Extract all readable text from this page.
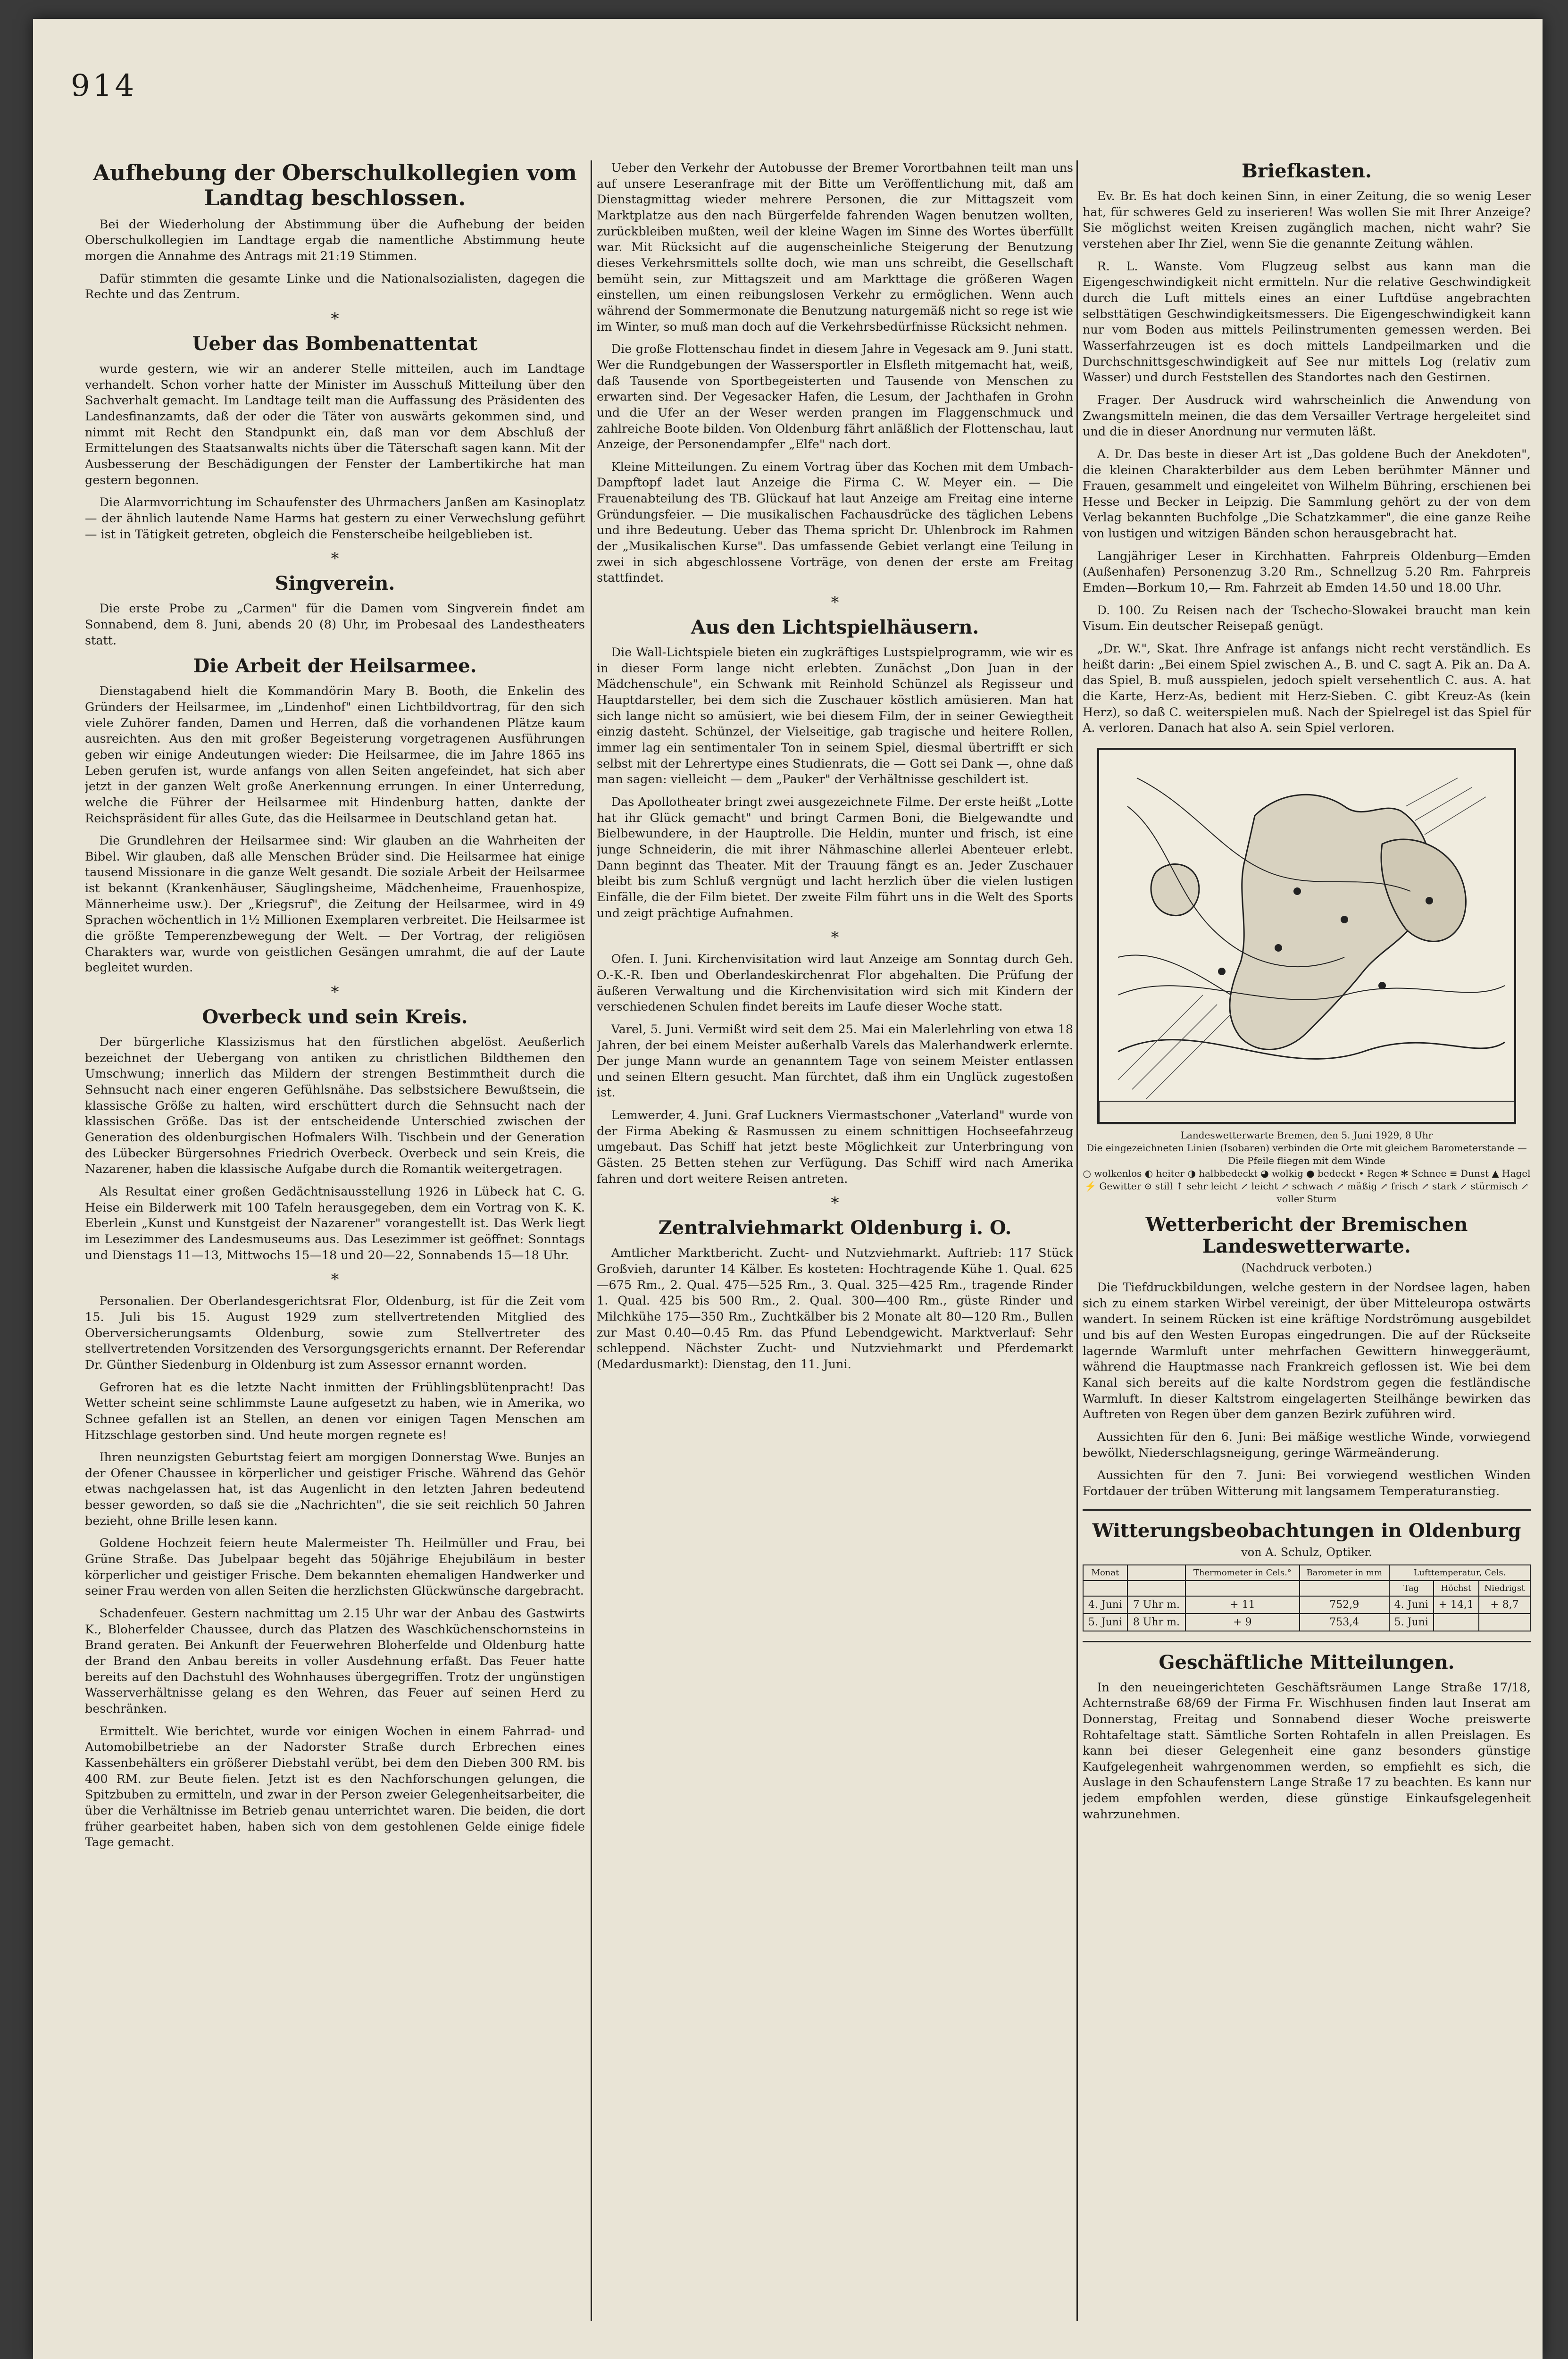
914
Aufhebung der Oberschulkollegien vom Landtag beschlossen.

Bei der Wiederholung der Abstimmung über die Aufhebung der beiden Oberschulkollegien im Landtage ergab die namentliche Abstimmung heute morgen die Annahme des Antrags mit 21:19 Stimmen.

Dafür stimmten die gesamte Linke und die Nationalsozialisten, dagegen die Rechte und das Zentrum.

*
Ueber das Bombenattentat

wurde gestern, wie wir an anderer Stelle mitteilen, auch im Landtage verhandelt. Schon vorher hatte der Minister im Ausschuß Mitteilung über den Sachverhalt gemacht. Im Landtage teilt man die Auffassung des Präsidenten des Landesfinanzamts, daß der oder die Täter von auswärts gekommen sind, und nimmt mit Recht den Standpunkt ein, daß man vor dem Abschluß der Ermittelungen des Staatsanwalts nichts über die Täterschaft sagen kann. Mit der Ausbesserung der Beschädigungen der Fenster der Lambertikirche hat man gestern begonnen.

Die Alarmvorrichtung im Schaufenster des Uhrmachers Janßen am Kasinoplatz — der ähnlich lautende Name Harms hat gestern zu einer Verwechslung geführt — ist in Tätigkeit getreten, obgleich die Fensterscheibe heilgeblieben ist.

*
Singverein.

Die erste Probe zu „Carmen" für die Damen vom Singverein findet am Sonnabend, dem 8. Juni, abends 20 (8) Uhr, im Probesaal des Landestheaters statt.

Die Arbeit der Heilsarmee.

Dienstagabend hielt die Kommandörin Mary B. Booth, die Enkelin des Gründers der Heilsarmee, im „Lindenhof" einen Lichtbildvortrag, für den sich viele Zuhörer fanden, Damen und Herren, daß die vorhandenen Plätze kaum ausreichten. Aus den mit großer Begeisterung vorgetragenen Ausführungen geben wir einige Andeutungen wieder: Die Heilsarmee, die im Jahre 1865 ins Leben gerufen ist, wurde anfangs von allen Seiten angefeindet, hat sich aber jetzt in der ganzen Welt große Anerkennung errungen. In einer Unterredung, welche die Führer der Heilsarmee mit Hindenburg hatten, dankte der Reichspräsident für alles Gute, das die Heilsarmee in Deutschland getan hat.

Die Grundlehren der Heilsarmee sind: Wir glauben an die Wahrheiten der Bibel. Wir glauben, daß alle Menschen Brüder sind. Die Heilsarmee hat einige tausend Missionare in die ganze Welt gesandt. Die soziale Arbeit der Heilsarmee ist bekannt (Krankenhäuser, Säuglingsheime, Mädchenheime, Frauenhospize, Männerheime usw.). Der „Kriegsruf", die Zeitung der Heilsarmee, wird in 49 Sprachen wöchentlich in 1½ Millionen Exemplaren verbreitet. Die Heilsarmee ist die größte Temperenzbewegung der Welt. — Der Vortrag, der religiösen Charakters war, wurde von geistlichen Gesängen umrahmt, die auf der Laute begleitet wurden.

*
Overbeck und sein Kreis.

Der bürgerliche Klassizismus hat den fürstlichen abgelöst. Aeußerlich bezeichnet der Uebergang von antiken zu christlichen Bildthemen den Umschwung; innerlich das Mildern der strengen Bestimmtheit durch die Sehnsucht nach einer engeren Gefühlsnähe. Das selbstsichere Bewußtsein, die klassische Größe zu halten, wird erschüttert durch die Sehnsucht nach der klassischen Größe. Das ist der entscheidende Unterschied zwischen der Generation des oldenburgischen Hofmalers Wilh. Tischbein und der Generation des Lübecker Bürgersohnes Friedrich Overbeck. Overbeck und sein Kreis, die Nazarener, haben die klassische Aufgabe durch die Romantik weitergetragen.

Als Resultat einer großen Gedächtnisausstellung 1926 in Lübeck hat C. G. Heise ein Bilderwerk mit 100 Tafeln herausgegeben, dem ein Vortrag von K. K. Eberlein „Kunst und Kunstgeist der Nazarener" vorangestellt ist. Das Werk liegt im Lesezimmer des Landesmuseums aus. Das Lesezimmer ist geöffnet: Sonntags und Dienstags 11—13, Mittwochs 15—18 und 20—22, Sonnabends 15—18 Uhr.

*

Personalien. Der Oberlandesgerichtsrat Flor, Oldenburg, ist für die Zeit vom 15. Juli bis 15. August 1929 zum stellvertretenden Mitglied des Oberversicherungsamts Oldenburg, sowie zum Stellvertreter des stellvertretenden Vorsitzenden des Versorgungsgerichts ernannt. Der Referendar Dr. Günther Siedenburg in Oldenburg ist zum Assessor ernannt worden.

Gefroren hat es die letzte Nacht inmitten der Frühlingsblütenpracht! Das Wetter scheint seine schlimmste Laune aufgesetzt zu haben, wie in Amerika, wo Schnee gefallen ist an Stellen, an denen vor einigen Tagen Menschen am Hitzschlage gestorben sind. Und heute morgen regnete es!

Ihren neunzigsten Geburtstag feiert am morgigen Donnerstag Wwe. Bunjes an der Ofener Chaussee in körperlicher und geistiger Frische. Während das Gehör etwas nachgelassen hat, ist das Augenlicht in den letzten Jahren bedeutend besser geworden, so daß sie die „Nachrichten", die sie seit reichlich 50 Jahren bezieht, ohne Brille lesen kann.

Goldene Hochzeit feiern heute Malermeister Th. Heilmüller und Frau, bei Grüne Straße. Das Jubelpaar begeht das 50jährige Ehejubiläum in bester körperlicher und geistiger Frische. Dem bekannten ehemaligen Handwerker und seiner Frau werden von allen Seiten die herzlichsten Glückwünsche dargebracht.

Schadenfeuer. Gestern nachmittag um 2.15 Uhr war der Anbau des Gastwirts K., Bloherfelder Chaussee, durch das Platzen des Waschküchenschornsteins in Brand geraten. Bei Ankunft der Feuerwehren Bloherfelde und Oldenburg hatte der Brand den Anbau bereits in voller Ausdehnung erfaßt. Das Feuer hatte bereits auf den Dachstuhl des Wohnhauses übergegriffen. Trotz der ungünstigen Wasserverhältnisse gelang es den Wehren, das Feuer auf seinen Herd zu beschränken.

Ermittelt. Wie berichtet, wurde vor einigen Wochen in einem Fahrrad- und Automobilbetriebe an der Nadorster Straße durch Erbrechen eines Kassenbehälters ein größerer Diebstahl verübt, bei dem den Dieben 300 RM. bis 400 RM. zur Beute fielen. Jetzt ist es den Nachforschungen gelungen, die Spitzbuben zu ermitteln, und zwar in der Person zweier Gelegenheitsarbeiter, die über die Verhältnisse im Betrieb genau unterrichtet waren. Die beiden, die dort früher gearbeitet haben, haben sich von dem gestohlenen Gelde einige fidele Tage gemacht.

Ueber den Verkehr der Autobusse der Bremer Vorortbahnen teilt man uns auf unsere Leseranfrage mit der Bitte um Veröffentlichung mit, daß am Dienstagmittag wieder mehrere Personen, die zur Mittagszeit vom Marktplatze aus den nach Bürgerfelde fahrenden Wagen benutzen wollten, zurückbleiben mußten, weil der kleine Wagen im Sinne des Wortes überfüllt war. Mit Rücksicht auf die augenscheinliche Steigerung der Benutzung dieses Verkehrsmittels sollte doch, wie man uns schreibt, die Gesellschaft bemüht sein, zur Mittagszeit und am Markttage die größeren Wagen einstellen, um einen reibungslosen Verkehr zu ermöglichen. Wenn auch während der Sommermonate die Benutzung naturgemäß nicht so rege ist wie im Winter, so muß man doch auf die Verkehrsbedürfnisse Rücksicht nehmen.

Die große Flottenschau findet in diesem Jahre in Vegesack am 9. Juni statt. Wer die Rundgebungen der Wassersportler in Elsfleth mitgemacht hat, weiß, daß Tausende von Sportbegeisterten und Tausende von Menschen zu erwarten sind. Der Vegesacker Hafen, die Lesum, der Jachthafen in Grohn und die Ufer an der Weser werden prangen im Flaggenschmuck und zahlreiche Boote bilden. Von Oldenburg fährt anläßlich der Flottenschau, laut Anzeige, der Personendampfer „Elfe" nach dort.

Kleine Mitteilungen. Zu einem Vortrag über das Kochen mit dem Umbach-Dampftopf ladet laut Anzeige die Firma C. W. Meyer ein. — Die Frauenabteilung des TB. Glückauf hat laut Anzeige am Freitag eine interne Gründungsfeier. — Die musikalischen Fachausdrücke des täglichen Lebens und ihre Bedeutung. Ueber das Thema spricht Dr. Uhlenbrock im Rahmen der „Musikalischen Kurse". Das umfassende Gebiet verlangt eine Teilung in zwei in sich abgeschlossene Vorträge, von denen der erste am Freitag stattfindet.

*
Aus den Lichtspielhäusern.

Die Wall-Lichtspiele bieten ein zugkräftiges Lustspielprogramm, wie wir es in dieser Form lange nicht erlebten. Zunächst „Don Juan in der Mädchenschule", ein Schwank mit Reinhold Schünzel als Regisseur und Hauptdarsteller, bei dem sich die Zuschauer köstlich amüsieren. Man hat sich lange nicht so amüsiert, wie bei diesem Film, der in seiner Gewiegtheit einzig dasteht. Schünzel, der Vielseitige, gab tragische und heitere Rollen, immer lag ein sentimentaler Ton in seinem Spiel, diesmal übertrifft er sich selbst mit der Lehrertype eines Studienrats, die — Gott sei Dank —, ohne daß man sagen: vielleicht — dem „Pauker" der Verhältnisse geschildert ist.

Das Apollotheater bringt zwei ausgezeichnete Filme. Der erste heißt „Lotte hat ihr Glück gemacht" und bringt Carmen Boni, die Bielgewandte und Bielbewundere, in der Hauptrolle. Die Heldin, munter und frisch, ist eine junge Schneiderin, die mit ihrer Nähmaschine allerlei Abenteuer erlebt. Dann beginnt das Theater. Mit der Trauung fängt es an. Jeder Zuschauer bleibt bis zum Schluß vergnügt und lacht herzlich über die vielen lustigen Einfälle, die der Film bietet. Der zweite Film führt uns in die Welt des Sports und zeigt prächtige Aufnahmen.

*

Ofen. I. Juni. Kirchenvisitation wird laut Anzeige am Sonntag durch Geh. O.-K.-R. Iben und Oberlandeskirchenrat Flor abgehalten. Die Prüfung der äußeren Verwaltung und die Kirchenvisitation wird sich mit Kindern der verschiedenen Schulen findet bereits im Laufe dieser Woche statt.

Varel, 5. Juni. Vermißt wird seit dem 25. Mai ein Malerlehrling von etwa 18 Jahren, der bei einem Meister außerhalb Varels das Malerhandwerk erlernte. Der junge Mann wurde an genanntem Tage von seinem Meister entlassen und seinen Eltern gesucht. Man fürchtet, daß ihm ein Unglück zugestoßen ist.

Lemwerder, 4. Juni. Graf Luckners Viermastschoner „Vaterland" wurde von der Firma Abeking & Rasmussen zu einem schnittigen Hochseefahrzeug umgebaut. Das Schiff hat jetzt beste Möglichkeit zur Unterbringung von Gästen. 25 Betten stehen zur Verfügung. Das Schiff wird nach Amerika fahren und dort weitere Reisen antreten.

*
Zentralviehmarkt Oldenburg i. O.

Amtlicher Marktbericht. Zucht- und Nutzviehmarkt. Auftrieb: 117 Stück Großvieh, darunter 14 Kälber. Es kosteten: Hochtragende Kühe 1. Qual. 625—675 Rm., 2. Qual. 475—525 Rm., 3. Qual. 325—425 Rm., tragende Rinder 1. Qual. 425 bis 500 Rm., 2. Qual. 300—400 Rm., güste Rinder und Milchkühe 175—350 Rm., Zuchtkälber bis 2 Monate alt 80—120 Rm., Bullen zur Mast 0.40—0.45 Rm. das Pfund Lebendgewicht. Marktverlauf: Sehr schleppend. Nächster Zucht- und Nutzviehmarkt und Pferdemarkt (Medardusmarkt): Dienstag, den 11. Juni.

Briefkasten.

Ev. Br. Es hat doch keinen Sinn, in einer Zeitung, die so wenig Leser hat, für schweres Geld zu inserieren! Was wollen Sie mit Ihrer Anzeige? Sie möglichst weiten Kreisen zugänglich machen, nicht wahr? Sie verstehen aber Ihr Ziel, wenn Sie die genannte Zeitung wählen.

R. L. Wanste. Vom Flugzeug selbst aus kann man die Eigengeschwindigkeit nicht ermitteln. Nur die relative Geschwindigkeit durch die Luft mittels eines an einer Luftdüse angebrachten selbsttätigen Geschwindigkeitsmessers. Die Eigengeschwindigkeit kann nur vom Boden aus mittels Peilinstrumenten gemessen werden. Bei Wasserfahrzeugen ist es doch mittels Landpeilmarken und die Durchschnittsgeschwindigkeit auf See nur mittels Log (relativ zum Wasser) und durch Feststellen des Standortes nach den Gestirnen.

Frager. Der Ausdruck wird wahrscheinlich die Anwendung von Zwangsmitteln meinen, die das dem Versailler Vertrage hergeleitet sind und die in dieser Anordnung nur vermuten läßt.

A. Dr. Das beste in dieser Art ist „Das goldene Buch der Anekdoten", die kleinen Charakterbilder aus dem Leben berühmter Männer und Frauen, gesammelt und eingeleitet von Wilhelm Bühring, erschienen bei Hesse und Becker in Leipzig. Die Sammlung gehört zu der von dem Verlag bekannten Buchfolge „Die Schatzkammer", die eine ganze Reihe von lustigen und witzigen Bänden schon herausgebracht hat.

Langjähriger Leser in Kirchhatten. Fahrpreis Oldenburg—Emden (Außenhafen) Personenzug 3.20 Rm., Schnellzug 5.20 Rm. Fahrpreis Emden—Borkum 10,— Rm. Fahrzeit ab Emden 14.50 und 18.00 Uhr.

D. 100. Zu Reisen nach der Tschecho-Slowakei braucht man kein Visum. Ein deutscher Reisepaß genügt.

„Dr. W.", Skat. Ihre Anfrage ist anfangs nicht recht verständlich. Es heißt darin: „Bei einem Spiel zwischen A., B. und C. sagt A. Pik an. Da A. das Spiel, B. muß ausspielen, jedoch spielt versehentlich C. aus. A. hat die Karte, Herz-As, bedient mit Herz-Sieben. C. gibt Kreuz-As (kein Herz), so daß C. weiterspielen muß. Nach der Spielregel ist das Spiel für A. verloren. Danach hat also A. sein Spiel verloren.

Landeswetterwarte Bremen, den 5. Juni 1929, 8 Uhr
Die eingezeichneten Linien (Isobaren) verbinden die Orte mit gleichem Barometerstande — Die Pfeile fliegen mit dem Winde
○ wolkenlos ◐ heiter ◑ halbbedeckt ◕ wolkig ● bedeckt • Regen ✻ Schnee ≡ Dunst ▲ Hagel ⚡ Gewitter ⊙ still ↑ sehr leicht ↗ leicht ↗ schwach ↗ mäßig ↗ frisch ↗ stark ↗ stürmisch ↗ voller Sturm
Wetterbericht der Bremischen Landeswetterwarte.
(Nachdruck verboten.)

Die Tiefdruckbildungen, welche gestern in der Nordsee lagen, haben sich zu einem starken Wirbel vereinigt, der über Mitteleuropa ostwärts wandert. In seinem Rücken ist eine kräftige Nordströmung ausgebildet und bis auf den Westen Europas eingedrungen. Die auf der Rückseite lagernde Warmluft unter mehrfachen Gewittern hinweggeräumt, während die Hauptmasse nach Frankreich geflossen ist. Wie bei dem Kanal sich bereits auf die kalte Nordstrom gegen die festländische Warmluft. In dieser Kaltstrom eingelagerten Steilhänge bewirken das Auftreten von Regen über dem ganzen Bezirk zuführen wird.

Aussichten für den 6. Juni: Bei mäßige westliche Winde, vorwiegend bewölkt, Niederschlagsneigung, geringe Wärmeänderung.

Aussichten für den 7. Juni: Bei vorwiegend westlichen Winden Fortdauer der trüben Witterung mit langsamem Temperaturanstieg.

Witterungsbeobachtungen in Oldenburg
von A. Schulz, Optiker.
Monat		Thermometer in Cels.°	Barometer in mm	Lufttemperatur, Cels.		
				Tag	Höchst	Niedrigst
4. Juni	7 Uhr m.	+ 11	752,9	4. Juni	+ 14,1	+ 8,7
5. Juni	8 Uhr m.	+ 9	753,4	5. Juni		
Geschäftliche Mitteilungen.

In den neueingerichteten Geschäftsräumen Lange Straße 17/18, Achternstraße 68/69 der Firma Fr. Wischhusen finden laut Inserat am Donnerstag, Freitag und Sonnabend dieser Woche preiswerte Rohtafeltage statt. Sämtliche Sorten Rohtafeln in allen Preislagen. Es kann bei dieser Gelegenheit eine ganz besonders günstige Kaufgelegenheit wahrgenommen werden, so empfiehlt es sich, die Auslage in den Schaufenstern Lange Straße 17 zu beachten. Es kann nur jedem empfohlen werden, diese günstige Einkaufsgelegenheit wahrzunehmen.
